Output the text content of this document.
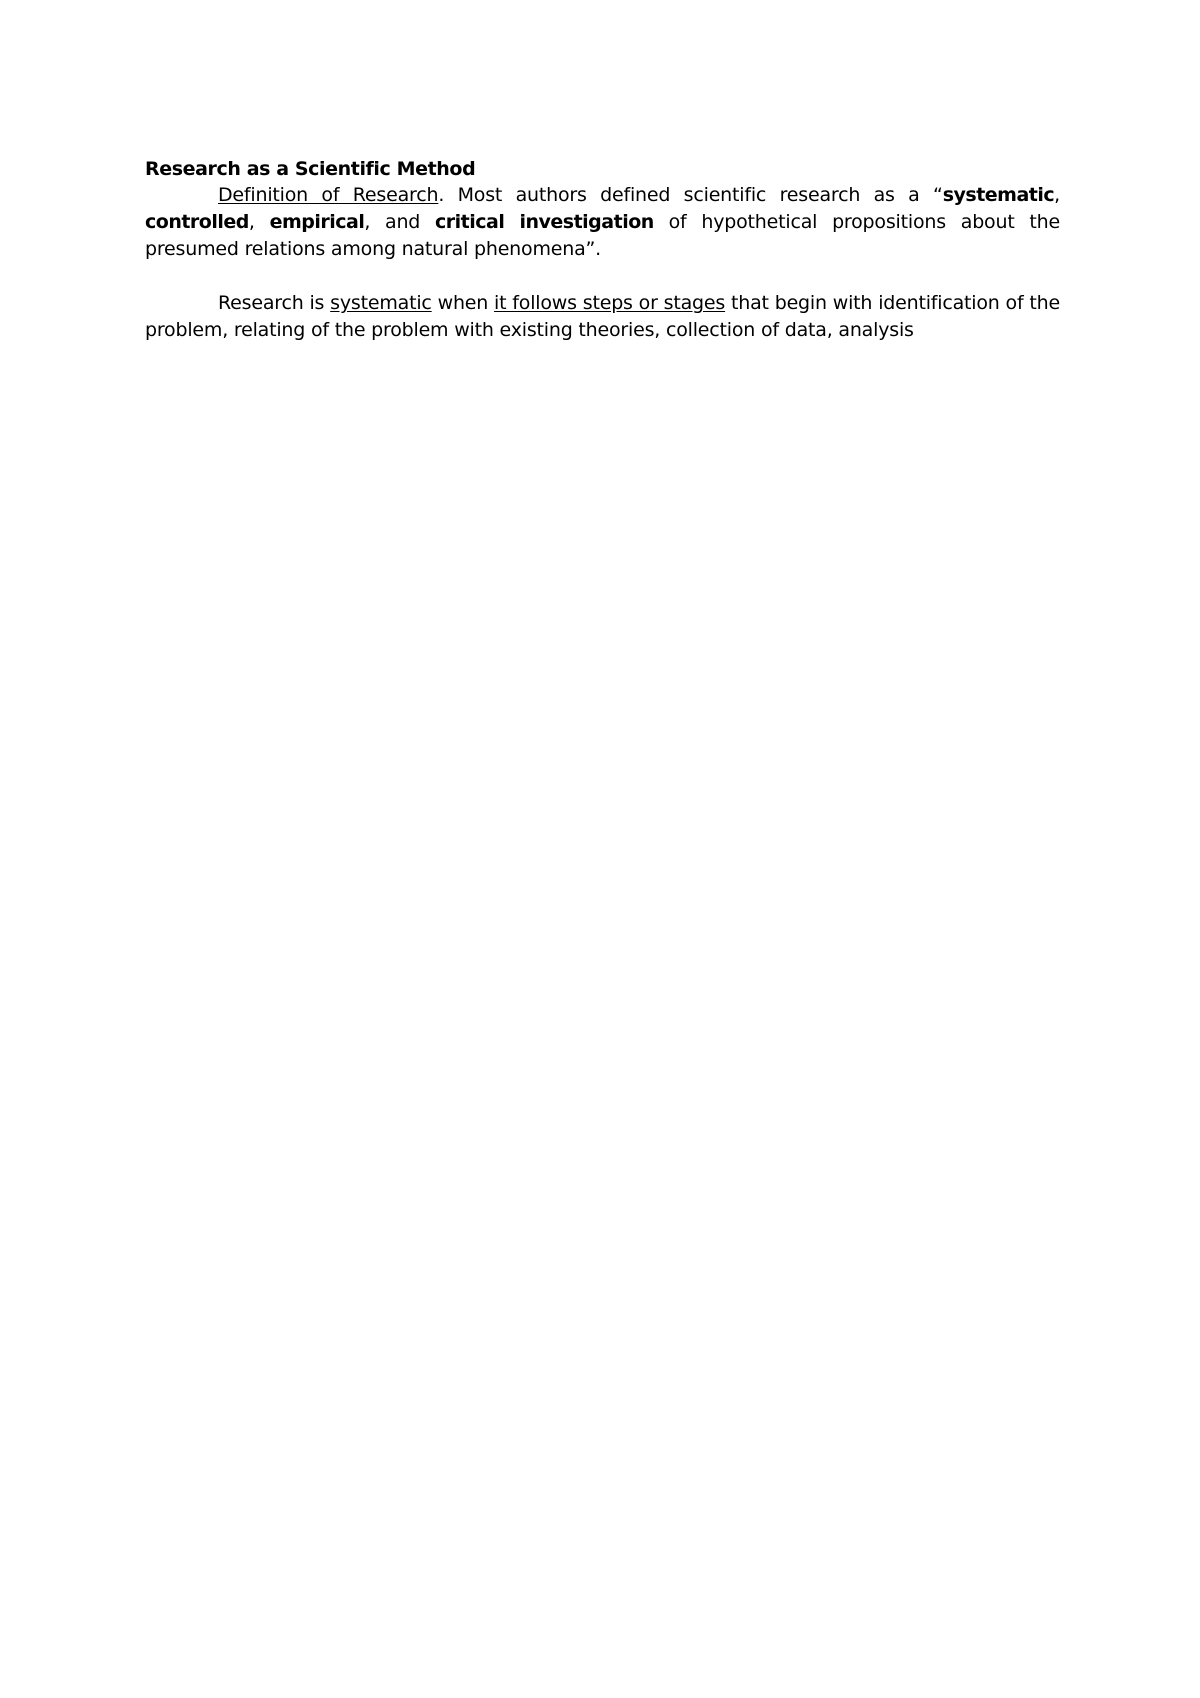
Research as a Scientific Method

Definition of Research. Most authors defined scientific research as a “systematic, controlled, empirical, and critical investigation of hypothetical propositions about the presumed relations among natural phenomena”.

Research is systematic when it follows steps or stages that begin with identification of the problem, relating of the problem with existing theories, collection of data, analysis
